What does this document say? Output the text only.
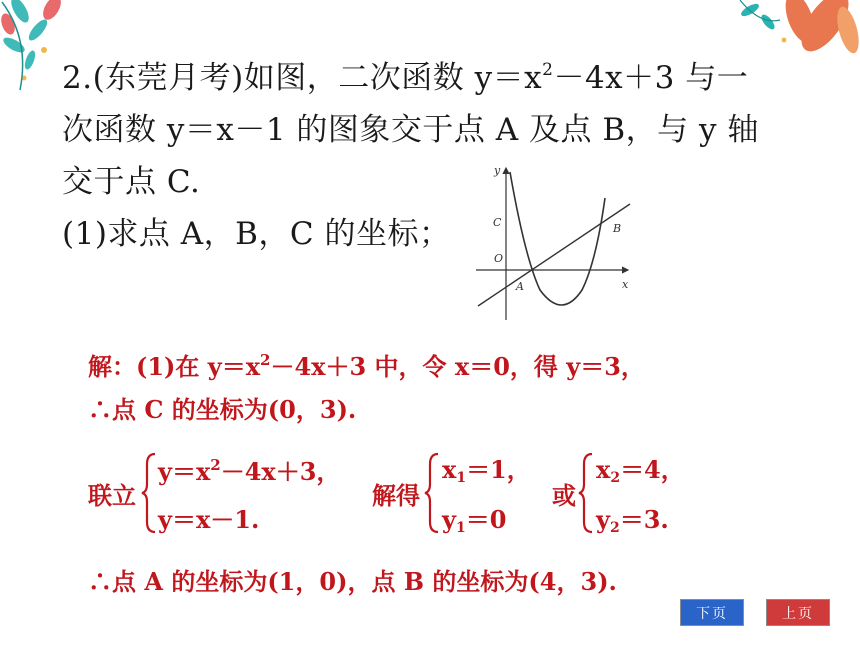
2.(东莞月考)如图，二次函数 $y=x^2-4x+3$ 与一
次函数 y＝x－1 的图象交于点 A 及点 B，与 y 轴
交于点 C.
(1)求点 A，B，C 的坐标；
y
x
O
A
B
C
解：(1)在 $y=x^2-4x+3$ 中，令 x＝0，得 y＝3，
∴点 C 的坐标为(0，3).
联立
$y=x^2-4x+3$，
y＝x－1.
解得
x1＝1，
y1＝0
或
x2＝4，
y2＝3.
∴点 A 的坐标为(1，0)，点 B 的坐标为(4，3).
下页	上页
